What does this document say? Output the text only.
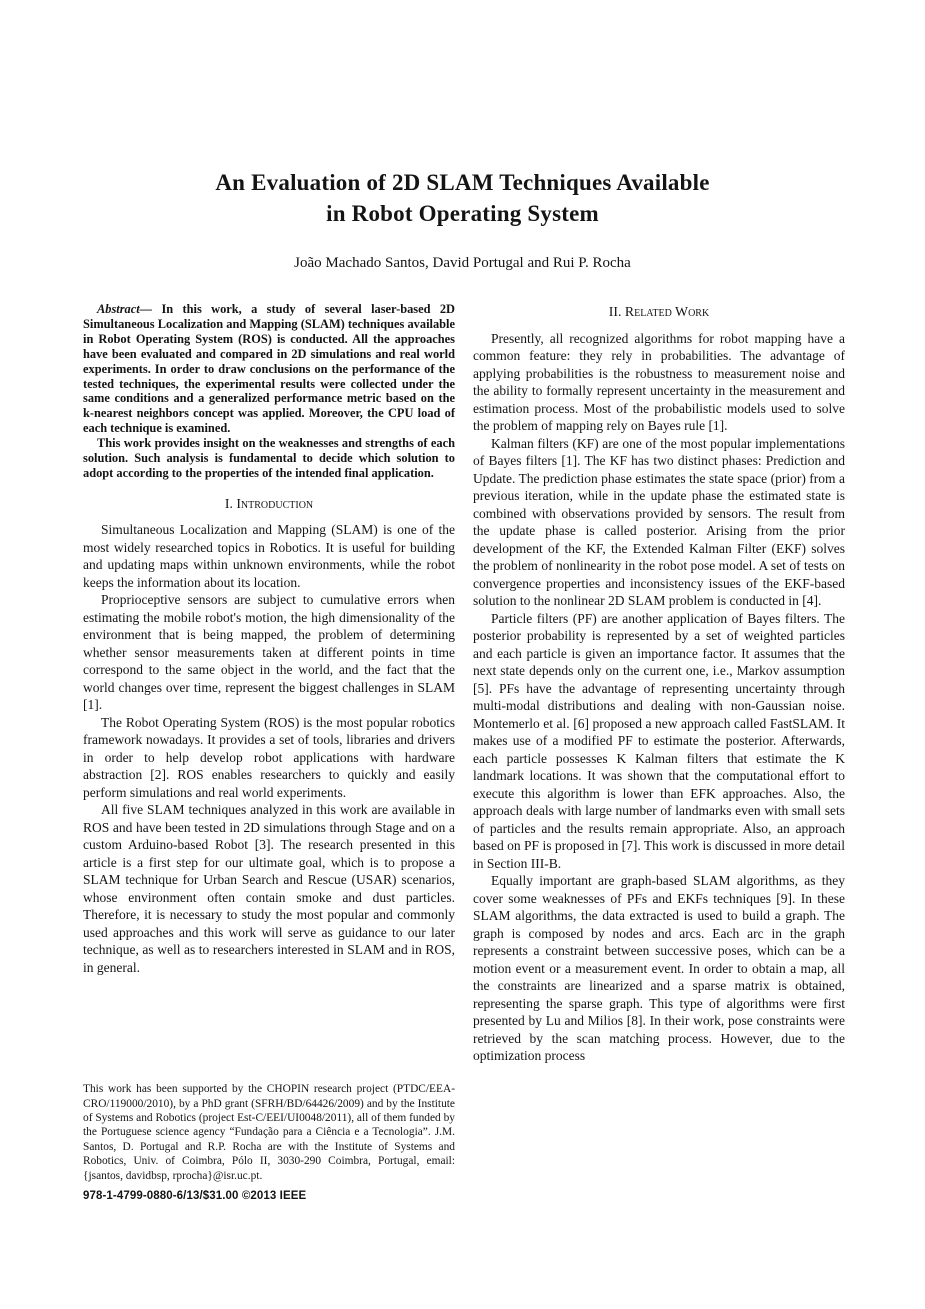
An Evaluation of 2D SLAM Techniques Available
in Robot Operating System
João Machado Santos, David Portugal and Rui P. Rocha

Abstract— In this work, a study of several laser-based 2D Simultaneous Localization and Mapping (SLAM) techniques available in Robot Operating System (ROS) is conducted. All the approaches have been evaluated and compared in 2D simulations and real world experiments. In order to draw conclusions on the performance of the tested techniques, the experimental results were collected under the same conditions and a generalized performance metric based on the k-nearest neighbors concept was applied. Moreover, the CPU load of each technique is examined.

This work provides insight on the weaknesses and strengths of each solution. Such analysis is fundamental to decide which solution to adopt according to the properties of the intended final application.

I. Introduction

Simultaneous Localization and Mapping (SLAM) is one of the most widely researched topics in Robotics. It is useful for building and updating maps within unknown environments, while the robot keeps the information about its location.

Proprioceptive sensors are subject to cumulative errors when estimating the mobile robot's motion, the high dimensionality of the environment that is being mapped, the problem of determining whether sensor measurements taken at different points in time correspond to the same object in the world, and the fact that the world changes over time, represent the biggest challenges in SLAM [1].

The Robot Operating System (ROS) is the most popular robotics framework nowadays. It provides a set of tools, libraries and drivers in order to help develop robot applications with hardware abstraction [2]. ROS enables researchers to quickly and easily perform simulations and real world experiments.

All five SLAM techniques analyzed in this work are available in ROS and have been tested in 2D simulations through Stage and on a custom Arduino-based Robot [3]. The research presented in this article is a first step for our ultimate goal, which is to propose a SLAM technique for Urban Search and Rescue (USAR) scenarios, whose environment often contain smoke and dust particles. Therefore, it is necessary to study the most popular and commonly used approaches and this work will serve as guidance to our later technique, as well as to researchers interested in SLAM and in ROS, in general.

This work has been supported by the CHOPIN research project (PTDC/EEA-CRO/119000/2010), by a PhD grant (SFRH/BD/64426/2009) and by the Institute of Systems and Robotics (project Est-C/EEI/UI0048/2011), all of them funded by the Portuguese science agency “Fundação para a Ciência e a Tecnologia”. J.M. Santos, D. Portugal and R.P. Rocha are with the Institute of Systems and Robotics, Univ. of Coimbra, Pólo II, 3030-290 Coimbra, Portugal, email: {jsantos, davidbsp, rprocha}@isr.uc.pt.
II. Related Work

Presently, all recognized algorithms for robot mapping have a common feature: they rely in probabilities. The advantage of applying probabilities is the robustness to measurement noise and the ability to formally represent uncertainty in the measurement and estimation process. Most of the probabilistic models used to solve the problem of mapping rely on Bayes rule [1].

Kalman filters (KF) are one of the most popular implementations of Bayes filters [1]. The KF has two distinct phases: Prediction and Update. The prediction phase estimates the state space (prior) from a previous iteration, while in the update phase the estimated state is combined with observations provided by sensors. The result from the update phase is called posterior. Arising from the prior development of the KF, the Extended Kalman Filter (EKF) solves the problem of nonlinearity in the robot pose model. A set of tests on convergence properties and inconsistency issues of the EKF-based solution to the nonlinear 2D SLAM problem is conducted in [4].

Particle filters (PF) are another application of Bayes filters. The posterior probability is represented by a set of weighted particles and each particle is given an importance factor. It assumes that the next state depends only on the current one, i.e., Markov assumption [5]. PFs have the advantage of representing uncertainty through multi-modal distributions and dealing with non-Gaussian noise. Montemerlo et al. [6] proposed a new approach called FastSLAM. It makes use of a modified PF to estimate the posterior. Afterwards, each particle possesses K Kalman filters that estimate the K landmark locations. It was shown that the computational effort to execute this algorithm is lower than EFK approaches. Also, the approach deals with large number of landmarks even with small sets of particles and the results remain appropriate. Also, an approach based on PF is proposed in [7]. This work is discussed in more detail in Section III-B.

Equally important are graph-based SLAM algorithms, as they cover some weaknesses of PFs and EKFs techniques [9]. In these SLAM algorithms, the data extracted is used to build a graph. The graph is composed by nodes and arcs. Each arc in the graph represents a constraint between successive poses, which can be a motion event or a measurement event. In order to obtain a map, all the constraints are linearized and a sparse matrix is obtained, representing the sparse graph. This type of algorithms were first presented by Lu and Milios [8]. In their work, pose constraints were retrieved by the scan matching process. However, due to the optimization process

978-1-4799-0880-6/13/$31.00 ©2013 IEEE
